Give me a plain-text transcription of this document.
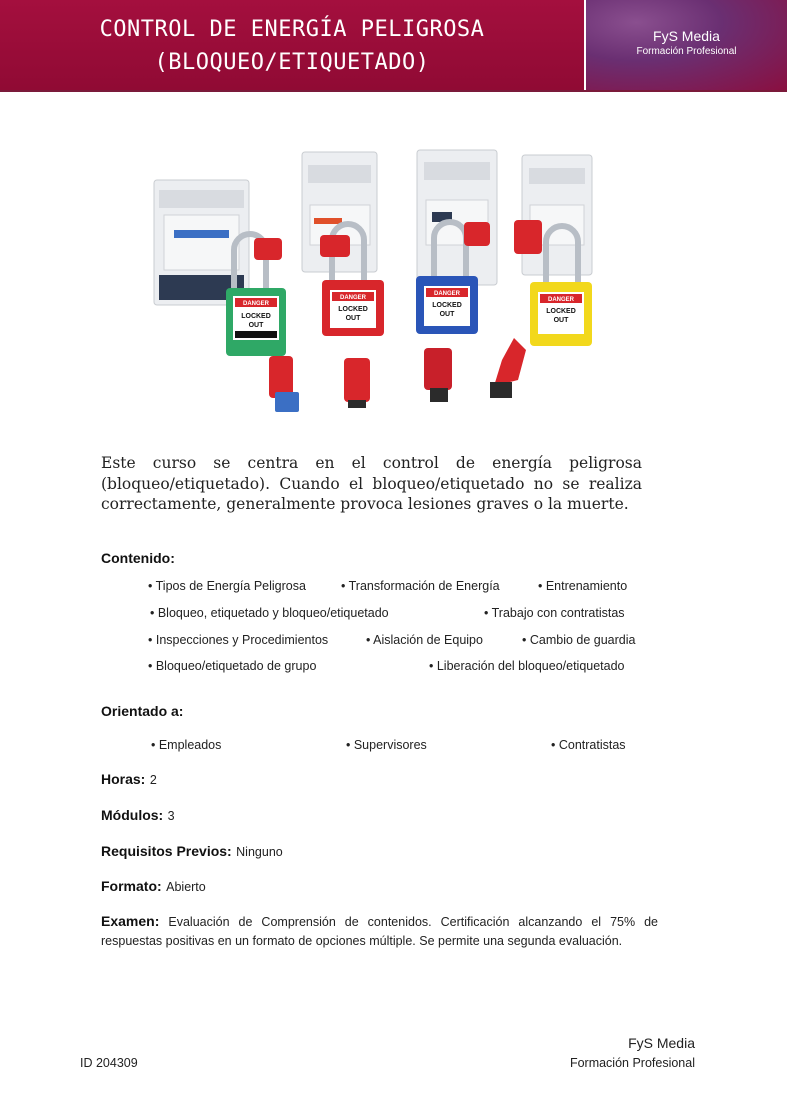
CONTROL DE ENERGÍA PELIGROSA
(BLOQUEO/ETIQUETADO)
FyS Media
Formación Profesional
DANGER
LOCKED
OUT
DANGER
LOCKED
OUT
DANGER
LOCKED
OUT
DANGER
LOCKED
OUT
Este curso se centra en el control de energía peligrosa (bloqueo/etiquetado). Cuando el bloqueo/etiquetado no se realiza correctamente, generalmente provoca lesiones graves o la muerte.
Contenido:
• Tipos de Energía Peligrosa	• Transformación de Energía	• Entrenamiento
• Bloqueo, etiquetado y bloqueo/etiquetado	• Trabajo con contratistas
• Inspecciones y Procedimientos	• Aislación de Equipo	• Cambio de guardia
• Bloqueo/etiquetado de grupo	• Liberación del bloqueo/etiquetado
Orientado a:
• Empleados	• Supervisores	• Contratistas
Horas: 2
Módulos: 3
Requisitos Previos: Ninguno
Formato: Abierto
Examen: Evaluación de Comprensión de contenidos. Certificación alcanzando el 75% de respuestas positivas en un formato de opciones múltiple. Se permite una segunda evaluación.
FyS Media
Formación Profesional
ID 204309
